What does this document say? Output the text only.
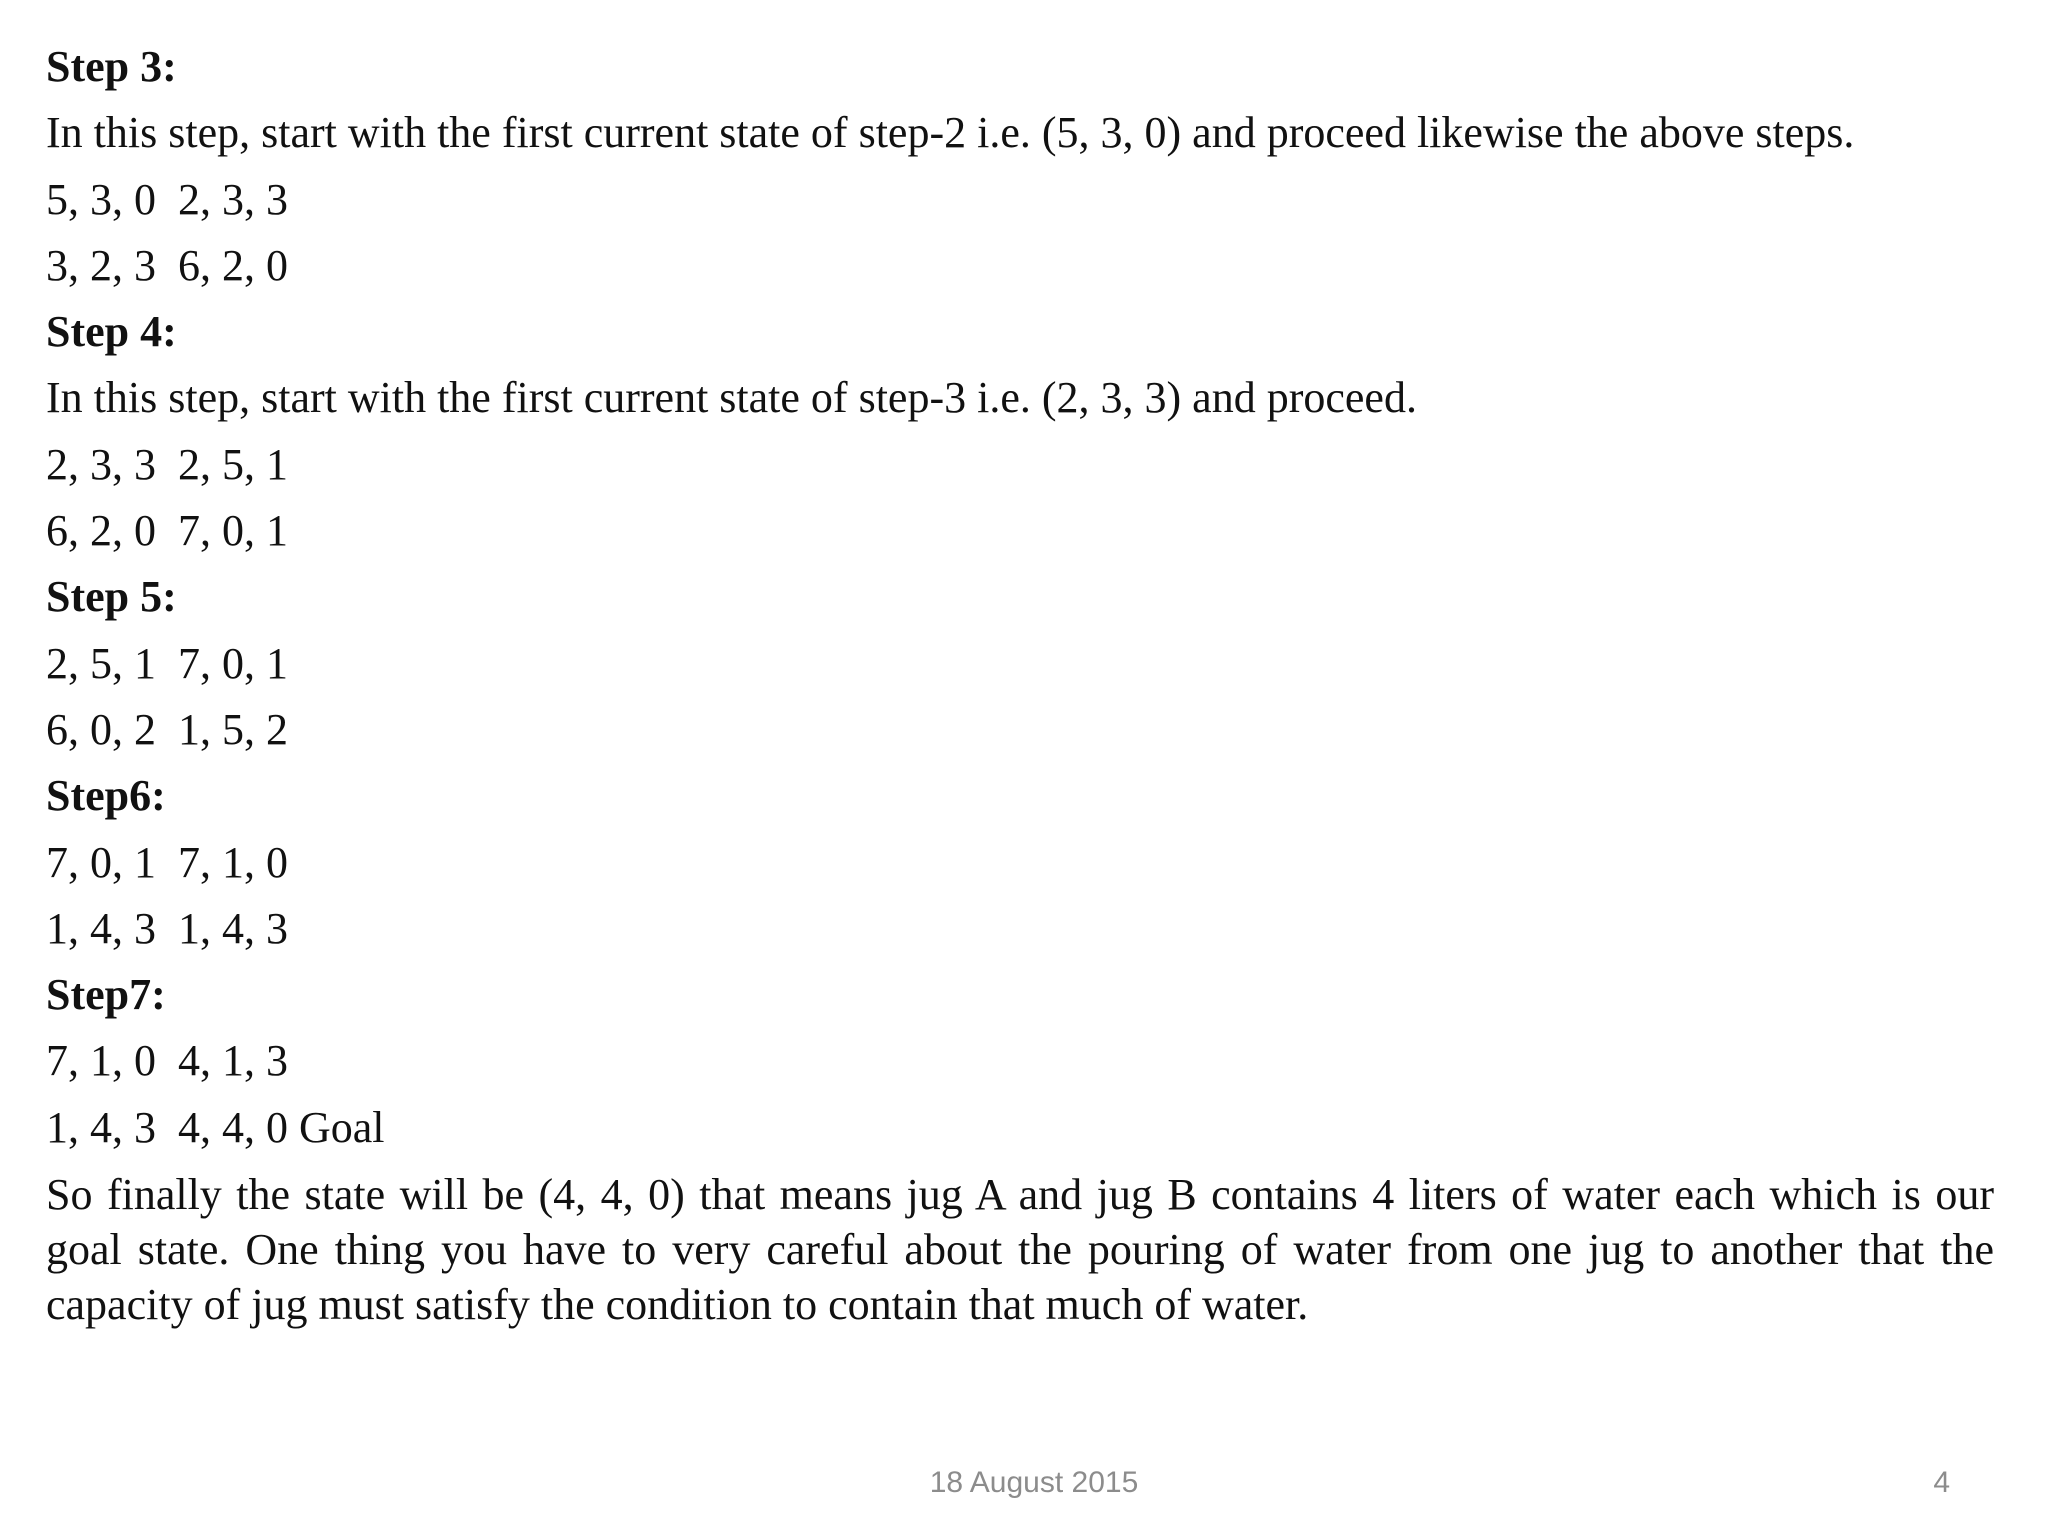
Step 3:
In this step, start with the first current state of step-2 i.e. (5, 3, 0) and proceed likewise the above steps.
5, 3, 0  2, 3, 3
3, 2, 3  6, 2, 0
Step 4:
In this step, start with the first current state of step-3 i.e. (2, 3, 3) and proceed.
2, 3, 3  2, 5, 1
6, 2, 0  7, 0, 1
Step 5:
2, 5, 1  7, 0, 1
6, 0, 2  1, 5, 2
Step6:
7, 0, 1  7, 1, 0
1, 4, 3  1, 4, 3
Step7:
7, 1, 0  4, 1, 3
1, 4, 3  4, 4, 0 Goal
So finally the state will be (4, 4, 0) that means jug A and jug B contains 4 liters of water each which is our goal state. One thing you have to very careful about the pouring of water from one jug to another that the capacity of jug must satisfy the condition to contain that much of water.
18 August 2015	4
